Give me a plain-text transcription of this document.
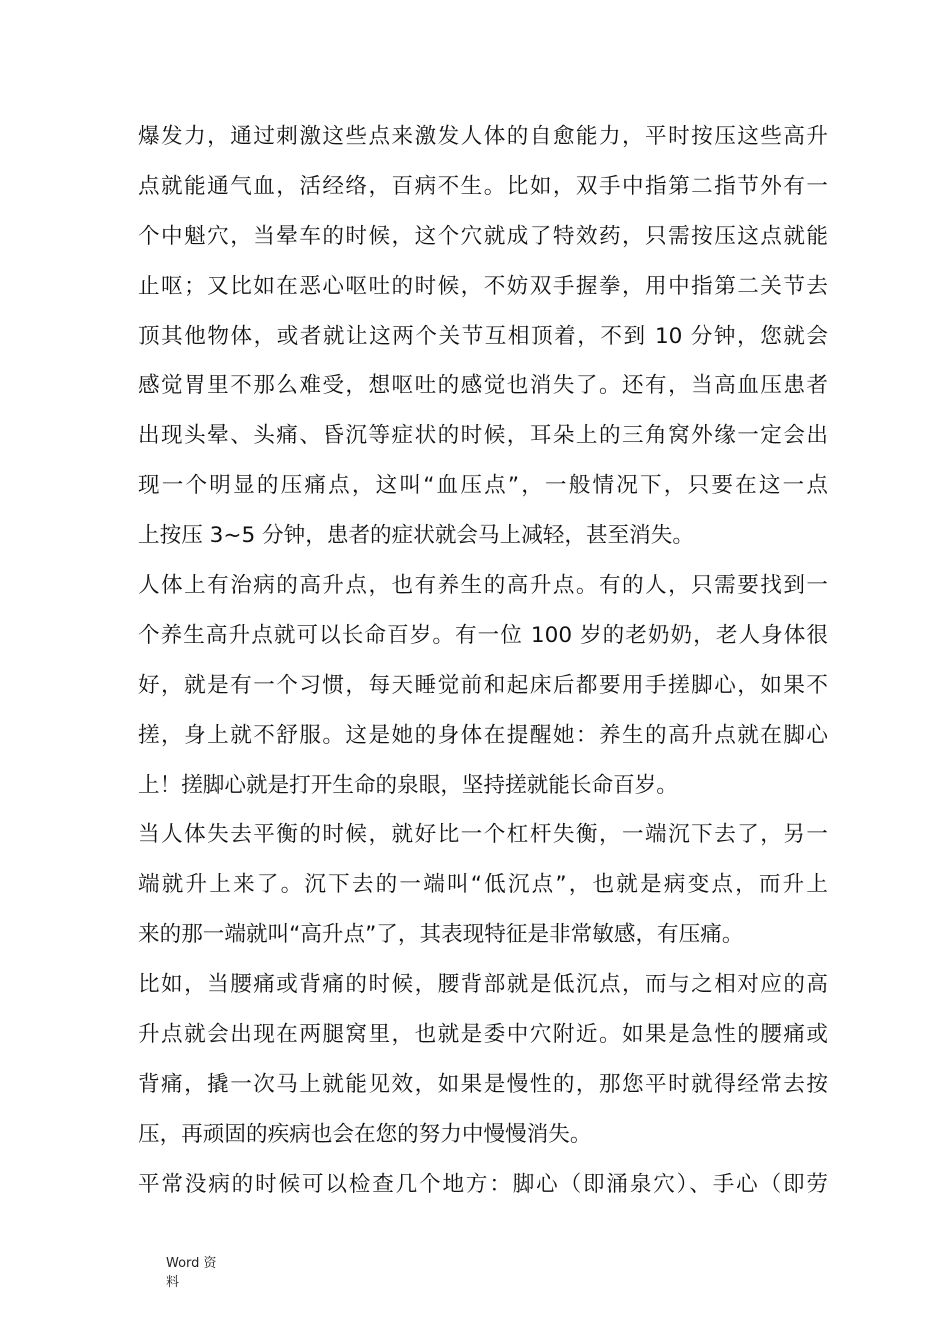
爆发力，通过刺激这些点来激发人体的自愈能力，平时按压这些高升
点就能通气血，活经络，百病不生。比如，双手中指第二指节外有一
个中魁穴，当晕车的时候，这个穴就成了特效药，只需按压这点就能
止呕；又比如在恶心呕吐的时候，不妨双手握拳，用中指第二关节去
顶其他物体，或者就让这两个关节互相顶着，不到 10 分钟，您就会
感觉胃里不那么难受，想呕吐的感觉也消失了。还有，当高血压患者
出现头晕、头痛、昏沉等症状的时候，耳朵上的三角窝外缘一定会出
现一个明显的压痛点，这叫“血压点”，一般情况下，只要在这一点
上按压 3~5 分钟，患者的症状就会马上减轻，甚至消失。
人体上有治病的高升点，也有养生的高升点。有的人，只需要找到一
个养生高升点就可以长命百岁。有一位 100 岁的老奶奶，老人身体很
好，就是有一个习惯，每天睡觉前和起床后都要用手搓脚心，如果不
搓，身上就不舒服。这是她的身体在提醒她：养生的高升点就在脚心
上！搓脚心就是打开生命的泉眼，坚持搓就能长命百岁。
当人体失去平衡的时候，就好比一个杠杆失衡，一端沉下去了，另一
端就升上来了。沉下去的一端叫“低沉点”，也就是病变点，而升上
来的那一端就叫“高升点”了，其表现特征是非常敏感，有压痛。
比如，当腰痛或背痛的时候，腰背部就是低沉点，而与之相对应的高
升点就会出现在两腿窝里，也就是委中穴附近。如果是急性的腰痛或
背痛，撬一次马上就能见效，如果是慢性的，那您平时就得经常去按
压，再顽固的疾病也会在您的努力中慢慢消失。
平常没病的时候可以检查几个地方：脚心（即涌泉穴）、手心（即劳
Word 资
料
